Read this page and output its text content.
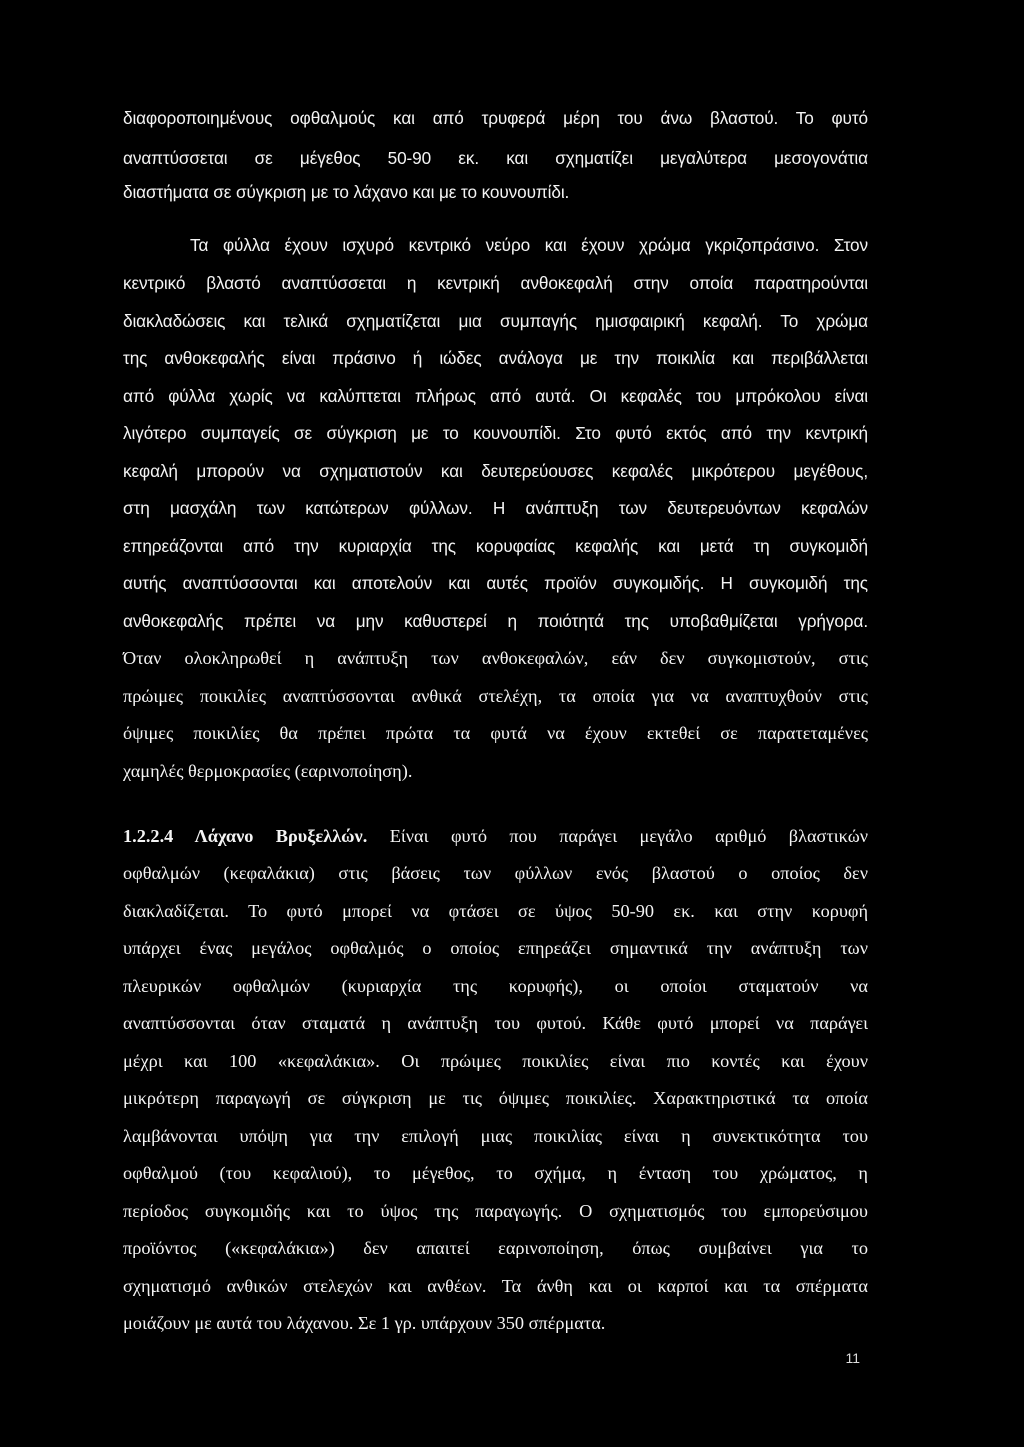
διαφοροποιημένους οφθαλμούς και από τρυφερά μέρη του άνω βλαστού. Το φυτό
αναπτύσσεται σε μέγεθος 50-90 εκ. και σχηματίζει μεγαλύτερα μεσογονάτια
διαστήματα σε σύγκριση με το λάχανο και με το κουνουπίδι.
Τα φύλλα έχουν ισχυρό κεντρικό νεύρο και έχουν χρώμα γκριζοπράσινο. Στον
κεντρικό βλαστό αναπτύσσεται η κεντρική ανθοκεφαλή στην οποία παρατηρούνται
διακλαδώσεις και τελικά σχηματίζεται μια συμπαγής ημισφαιρική κεφαλή. Το χρώμα
της ανθοκεφαλής είναι πράσινο ή ιώδες ανάλογα με την ποικιλία και περιβάλλεται
από φύλλα χωρίς να καλύπτεται πλήρως από αυτά. Οι κεφαλές του μπρόκολου είναι
λιγότερο συμπαγείς σε σύγκριση με το κουνουπίδι. Στο φυτό εκτός από την κεντρική
κεφαλή μπορούν να σχηματιστούν και δευτερεύουσες κεφαλές μικρότερου μεγέθους,
στη μασχάλη των κατώτερων φύλλων. Η ανάπτυξη των δευτερευόντων κεφαλών
επηρεάζονται από την κυριαρχία της κορυφαίας κεφαλής και μετά τη συγκομιδή
αυτής αναπτύσσονται και αποτελούν και αυτές προϊόν συγκομιδής. Η συγκομιδή της
ανθοκεφαλής πρέπει να μην καθυστερεί η ποιότητά της υποβαθμίζεται γρήγορα.
Όταν ολοκληρωθεί η ανάπτυξη των ανθοκεφαλών, εάν δεν συγκομιστούν, στις
πρώιμες ποικιλίες αναπτύσσονται ανθικά στελέχη, τα οποία για να αναπτυχθούν στις
όψιμες ποικιλίες θα πρέπει πρώτα τα φυτά να έχουν εκτεθεί σε παρατεταμένες
χαμηλές θερμοκρασίες (εαρινοποίηση).
1.2.2.4 Λάχανο Βρυξελλών. Είναι φυτό που παράγει μεγάλο αριθμό βλαστικών
οφθαλμών (κεφαλάκια) στις βάσεις των φύλλων ενός βλαστού ο οποίος δεν
διακλαδίζεται. Το φυτό μπορεί να φτάσει σε ύψος 50-90 εκ. και στην κορυφή
υπάρχει ένας μεγάλος οφθαλμός ο οποίος επηρεάζει σημαντικά την ανάπτυξη των
πλευρικών οφθαλμών (κυριαρχία της κορυφής), οι οποίοι σταματούν να
αναπτύσσονται όταν σταματά η ανάπτυξη του φυτού. Κάθε φυτό μπορεί να παράγει
μέχρι και 100 «κεφαλάκια». Οι πρώιμες ποικιλίες είναι πιο κοντές και έχουν
μικρότερη παραγωγή σε σύγκριση με τις όψιμες ποικιλίες. Χαρακτηριστικά τα οποία
λαμβάνονται υπόψη για την επιλογή μιας ποικιλίας είναι η συνεκτικότητα του
οφθαλμού (του κεφαλιού), το μέγεθος, το σχήμα, η ένταση του χρώματος, η
περίοδος συγκομιδής και το ύψος της παραγωγής. Ο σχηματισμός του εμπορεύσιμου
προϊόντος («κεφαλάκια») δεν απαιτεί εαρινοποίηση, όπως συμβαίνει για το
σχηματισμό ανθικών στελεχών και ανθέων. Τα άνθη και οι καρποί και τα σπέρματα
μοιάζουν με αυτά του λάχανου. Σε 1 γρ. υπάρχουν 350 σπέρματα.
11
